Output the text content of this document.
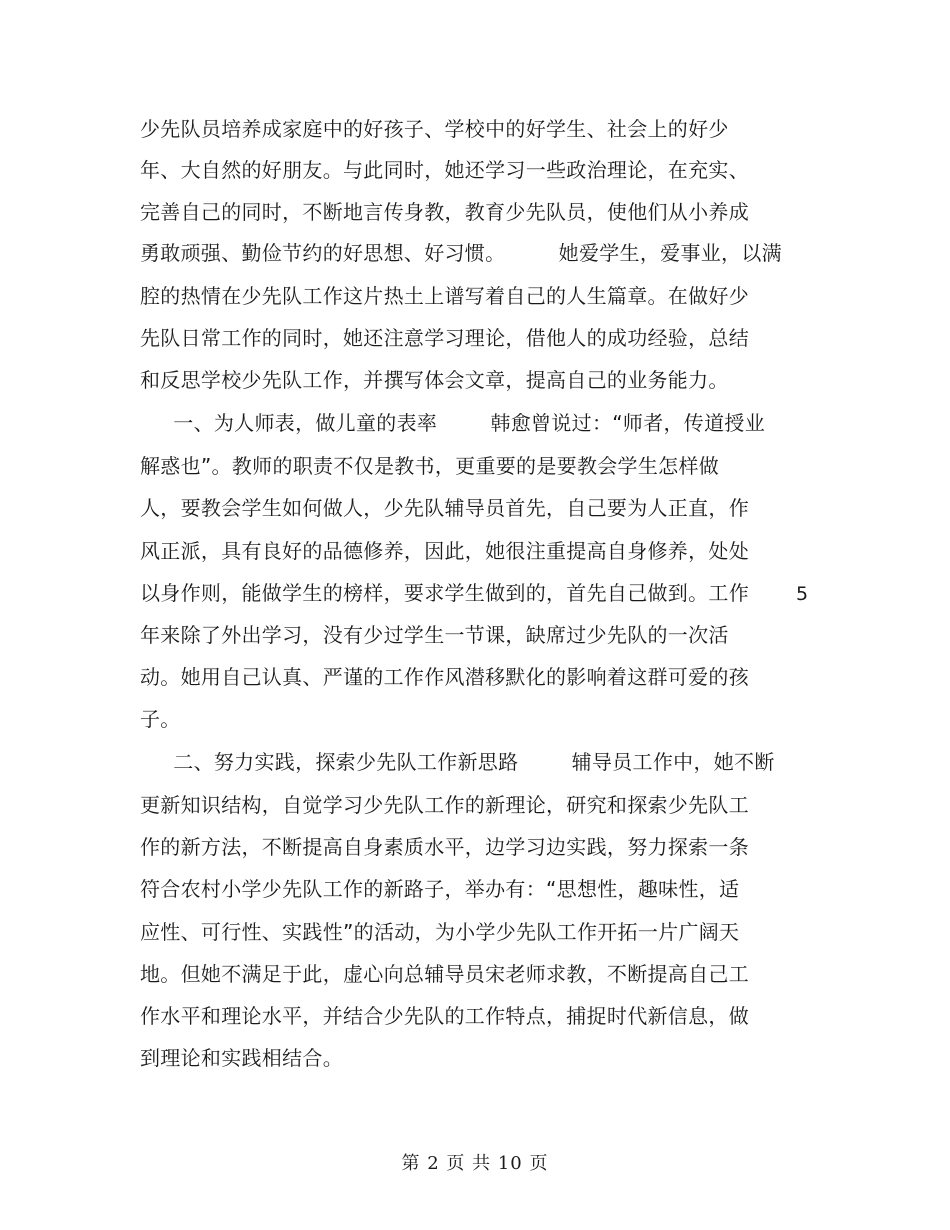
少先队员培养成家庭中的好孩子、学校中的好学生、社会上的好少
年、大自然的好朋友。与此同时，她还学习一些政治理论，在充实、
完善自己的同时，不断地言传身教，教育少先队员，使他们从小养成
勇敢顽强、勤俭节约的好思想、好习惯。        她爱学生，爱事业，以满
腔的热情在少先队工作这片热土上谱写着自己的人生篇章。在做好少
先队日常工作的同时，她还注意学习理论，借他人的成功经验，总结
和反思学校少先队工作，并撰写体会文章，提高自己的业务能力。
一、为人师表，做儿童的表率        韩愈曾说过：“师者，传道授业
解惑也”。教师的职责不仅是教书，更重要的是要教会学生怎样做
人，要教会学生如何做人，少先队辅导员首先，自己要为人正直，作
风正派，具有良好的品德修养，因此，她很注重提高自身修养，处处
以身作则，能做学生的榜样，要求学生做到的，首先自己做到。工作
年来除了外出学习，没有少过学生一节课，缺席过少先队的一次活
动。她用自己认真、严谨的工作作风潜移默化的影响着这群可爱的孩
子。
二、努力实践，探索少先队工作新思路        辅导员工作中，她不断
更新知识结构，自觉学习少先队工作的新理论，研究和探索少先队工
作的新方法，不断提高自身素质水平，边学习边实践，努力探索一条
符合农村小学少先队工作的新路子，举办有：“思想性，趣味性，适
应性、可行性、实践性”的活动，为小学少先队工作开拓一片广阔天
地。但她不满足于此，虚心向总辅导员宋老师求教，不断提高自己工
作水平和理论水平，并结合少先队的工作特点，捕捉时代新信息，做
到理论和实践相结合。
5
第 2 页 共 10 页
